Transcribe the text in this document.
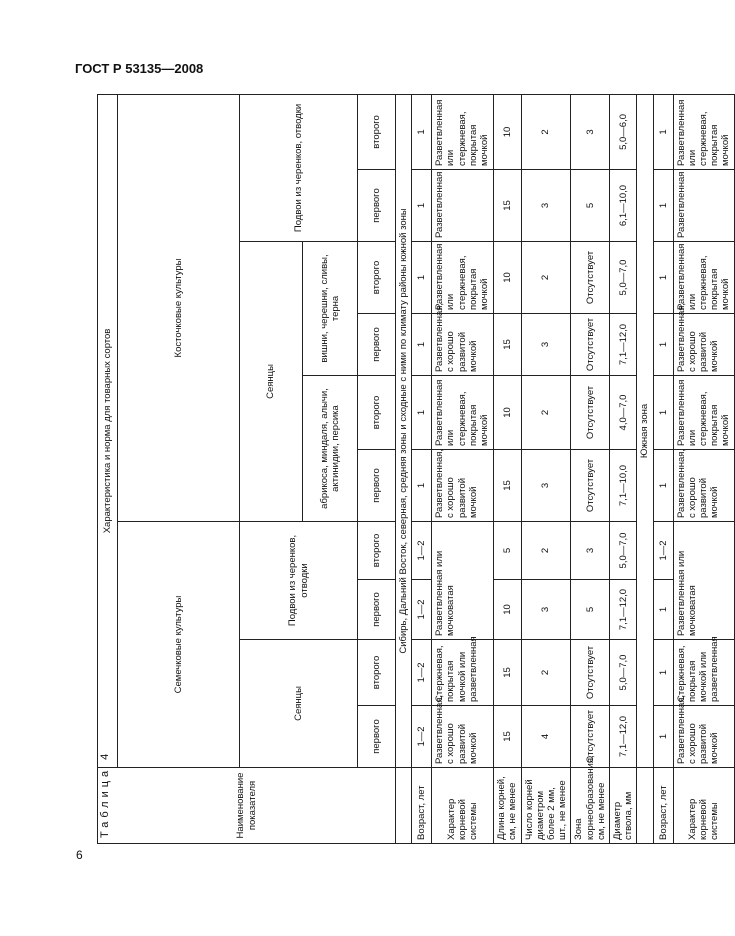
ГОСТ Р 53135—2008
6
Таблица 4	Наименование показателя	Характеристика и норма для товарных сортов									
	Семечковые культуры				Косточковые культуры					
	Сеянцы		Подвои из черенков, отводки		Сеянцы				Подвои из черенков, отводки	
					абрикоса, миндаля, алычи, актинидии, персика		вишни, черешни, сливы, терна			
	первого	второго	первого	второго	первого	второго	первого	второго	первого	второго
	Сибирь, Дальний Восток, северная, средняя зоны и сходные с ними по климату районы южной зоны									
Возраст, лет	1—2	1—2	1—2	1—2	1	1	1	1	1	1
Характер корневой системы	Разветвленная, с хорошо развитой мочкой	Стержневая, покрытая мочкой или разветвленная	Разветвленная или мочковатая		Разветвленная, с хорошо развитой мочкой	Разветвленная или стержневая, покрытая мочкой	Разветвленная, с хорошо развитой мочкой	Разветвленная или стержневая, покрытая мочкой	Разветвленная	Разветвленная или стержневая, покрытая мочкой
Длина корней, см, не менее	15	15	10	5	15	10	15	10	15	10
Число корней диаметром более 2 мм, шт., не менее	4	2	3	2	3	2	3	2	3	2
Зона корнеобразования, см, не менее	Отсутствует	Отсутствует	5	3	Отсутствует	Отсутствует	Отсутствует	Отсутствует	5	3
Диаметр ствола, мм	7,1—12,0	5,0—7,0	7,1—12,0	5,0—7,0	7,1—10,0	4,0—7,0	7,1—12,0	5,0—7,0	6,1—10,0	5,0—6,0
	Южная зона									
Возраст, лет	1	1	1	1—2	1	1	1	1	1	1
Характер корневой системы	Разветвленная, с хорошо развитой мочкой	Стержневая, покрытая мочкой или разветвленная	Разветвленная или мочковатая		Разветвленная, с хорошо развитой мочкой	Разветвленная или стержневая, покрытая мочкой	Разветвленная, с хорошо развитой мочкой	Разветвленная или стержневая, покрытая мочкой	Разветвленная	Разветвленная или стержневая, покрытая мочкой
